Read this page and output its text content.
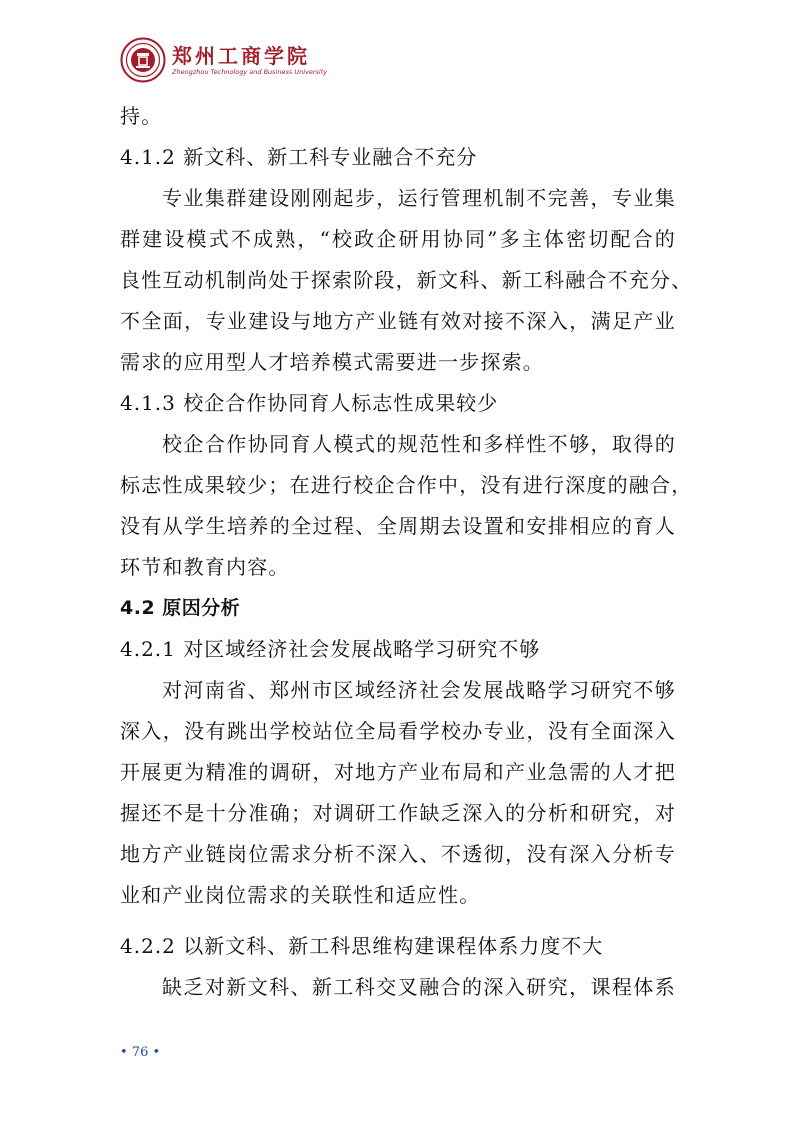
郑州工商学院
Zhengzhou Technology and Business University
持。
4.1.2 新文科、新工科专业融合不充分
专业集群建设刚刚起步，运行管理机制不完善，专业集
群建设模式不成熟，“校政企研用协同”多主体密切配合的
良性互动机制尚处于探索阶段，新文科、新工科融合不充分、
不全面，专业建设与地方产业链有效对接不深入，满足产业
需求的应用型人才培养模式需要进一步探索。
4.1.3 校企合作协同育人标志性成果较少
校企合作协同育人模式的规范性和多样性不够，取得的
标志性成果较少；在进行校企合作中，没有进行深度的融合，
没有从学生培养的全过程、全周期去设置和安排相应的育人
环节和教育内容。
4.2 原因分析
4.2.1 对区域经济社会发展战略学习研究不够
对河南省、郑州市区域经济社会发展战略学习研究不够
深入，没有跳出学校站位全局看学校办专业，没有全面深入
开展更为精准的调研，对地方产业布局和产业急需的人才把
握还不是十分准确；对调研工作缺乏深入的分析和研究，对
地方产业链岗位需求分析不深入、不透彻，没有深入分析专
业和产业岗位需求的关联性和适应性。
4.2.2 以新文科、新工科思维构建课程体系力度不大
缺乏对新文科、新工科交叉融合的深入研究，课程体系
• 76 •
